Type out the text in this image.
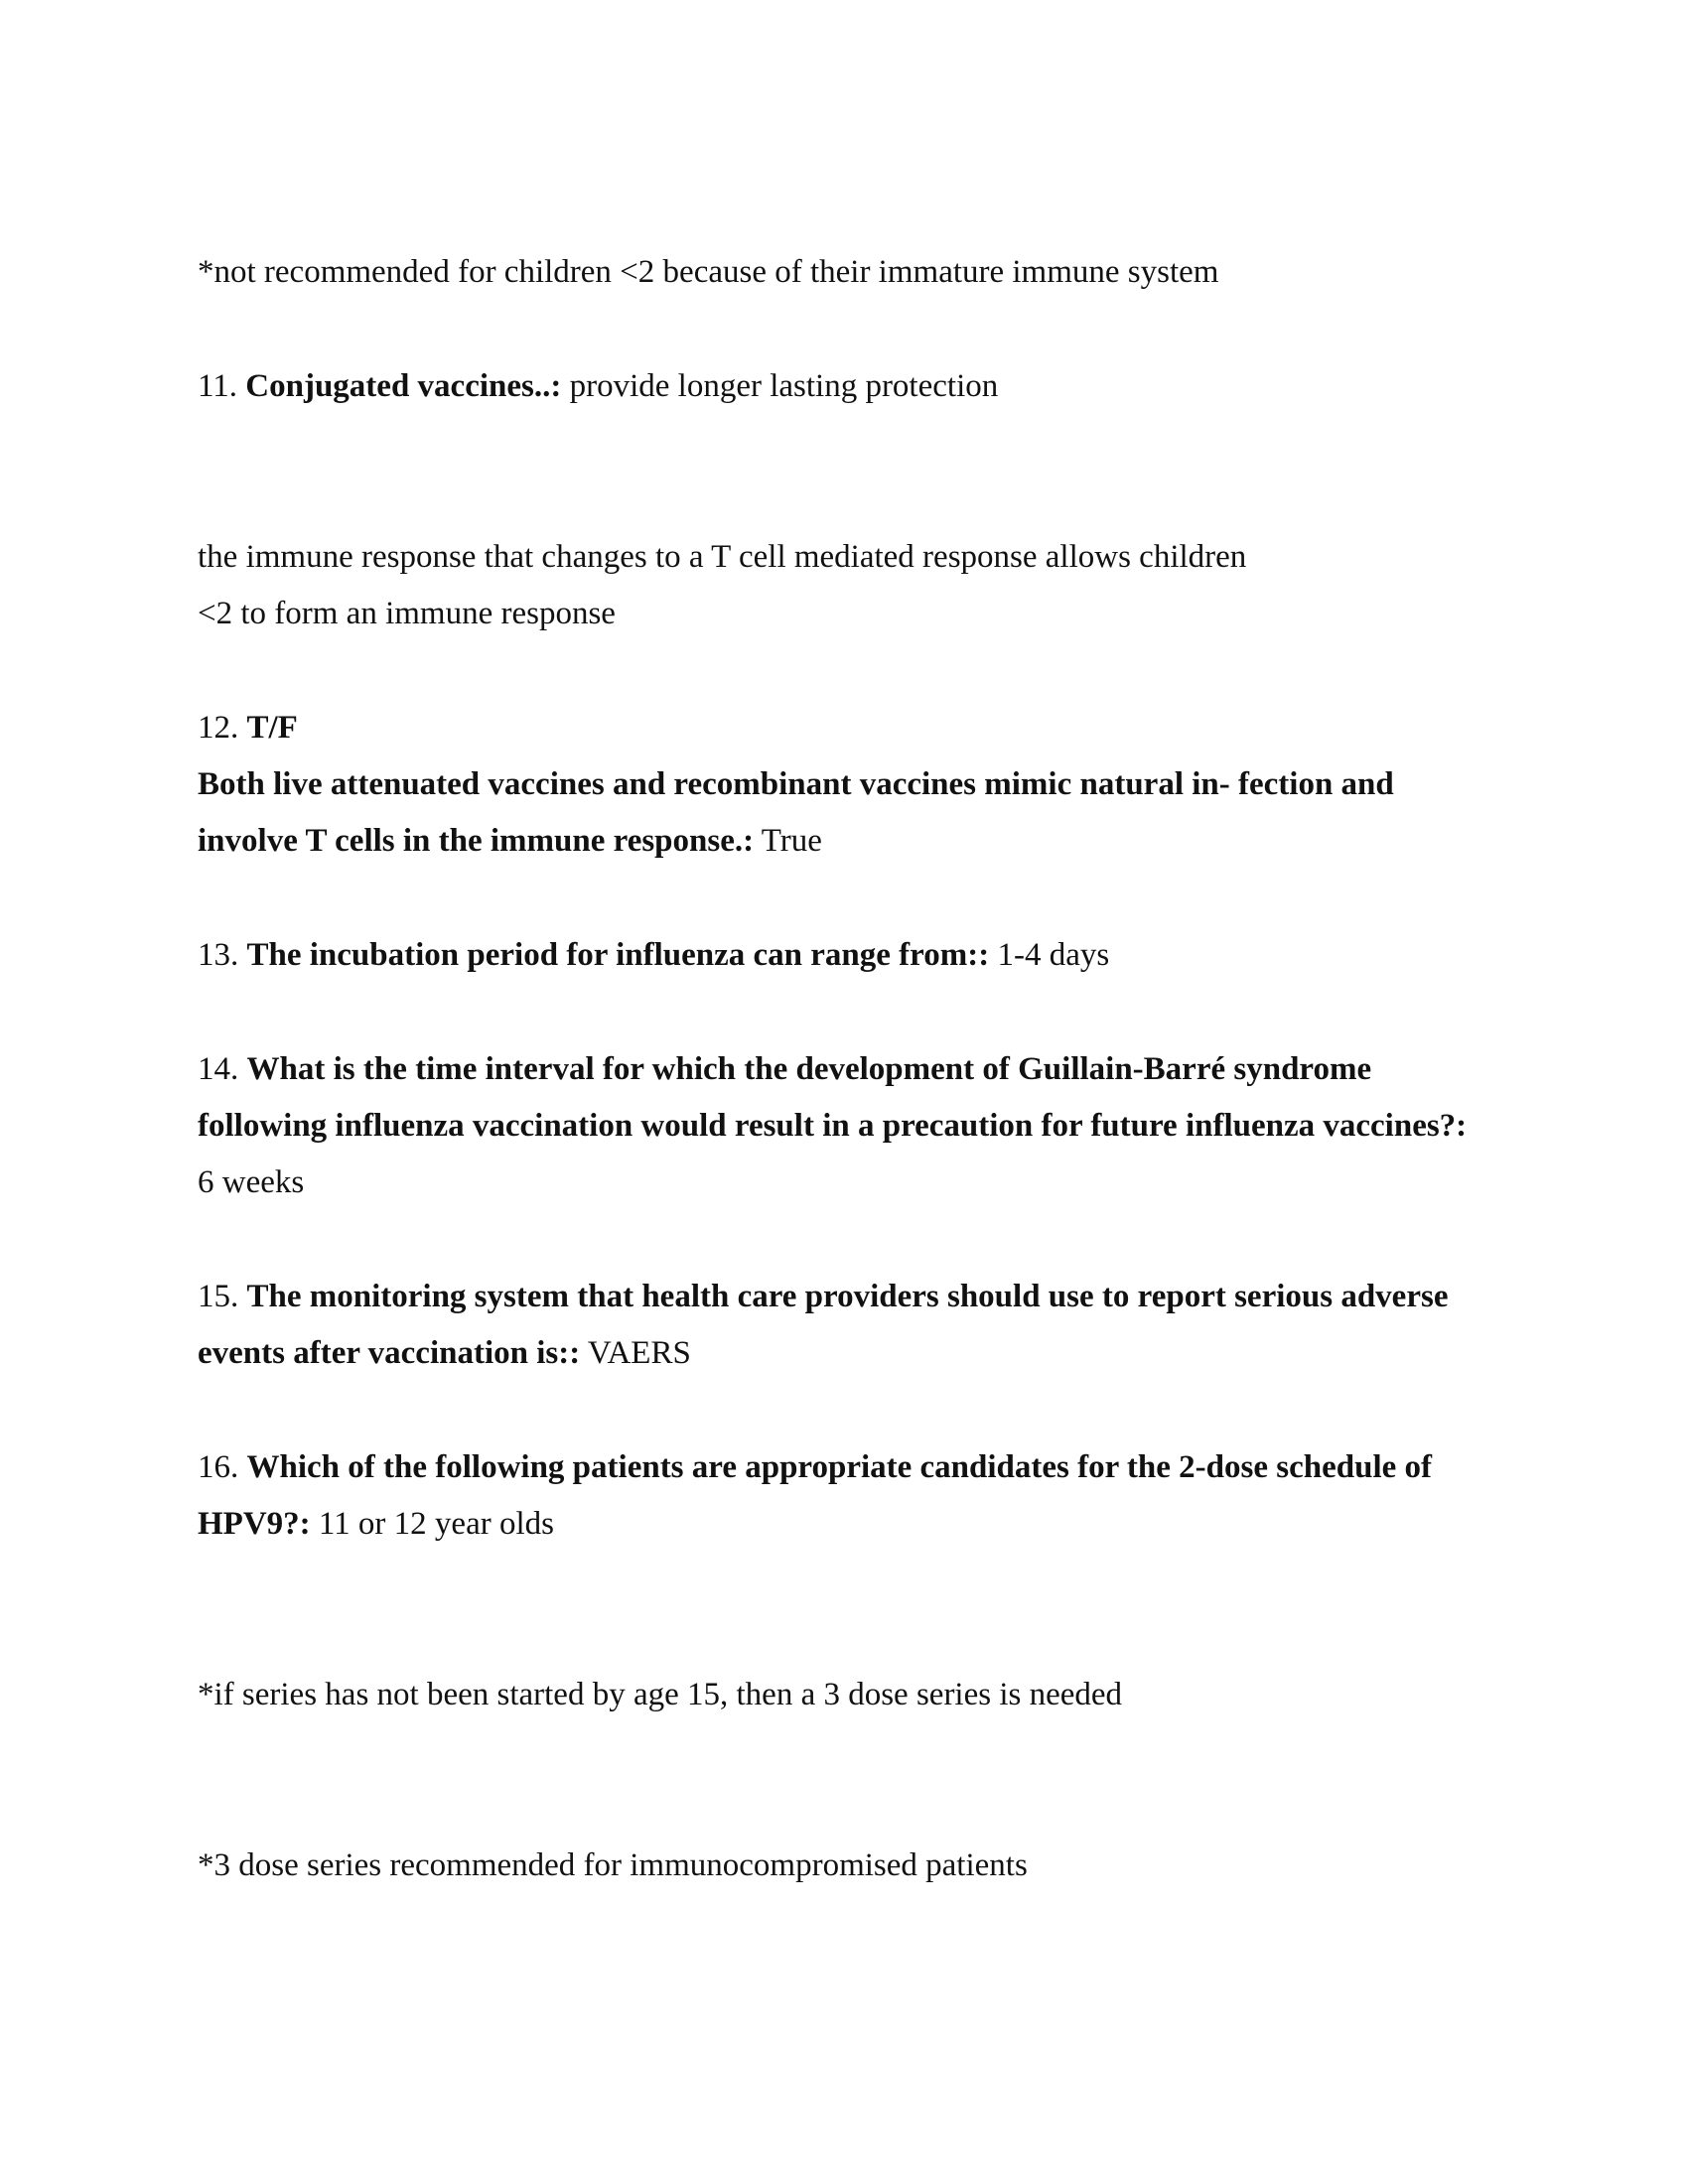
*not recommended for children <2 because of their immature immune system
11. Conjugated vaccines..: provide longer lasting protection
the immune response that changes to a T cell mediated response allows children
<2 to form an immune response
12. T/F
Both live attenuated vaccines and recombinant vaccines mimic natural in- fection and
involve T cells in the immune response.: True
13. The incubation period for influenza can range from:: 1-4 days
14. What is the time interval for which the development of Guillain-Barré syndrome
following influenza vaccination would result in a precaution for future influenza vaccines?:
6 weeks
15. The monitoring system that health care providers should use to report serious adverse
events after vaccination is:: VAERS
16. Which of the following patients are appropriate candidates for the 2-dose schedule of
HPV9?: 11 or 12 year olds
*if series has not been started by age 15, then a 3 dose series is needed
*3 dose series recommended for immunocompromised patients
